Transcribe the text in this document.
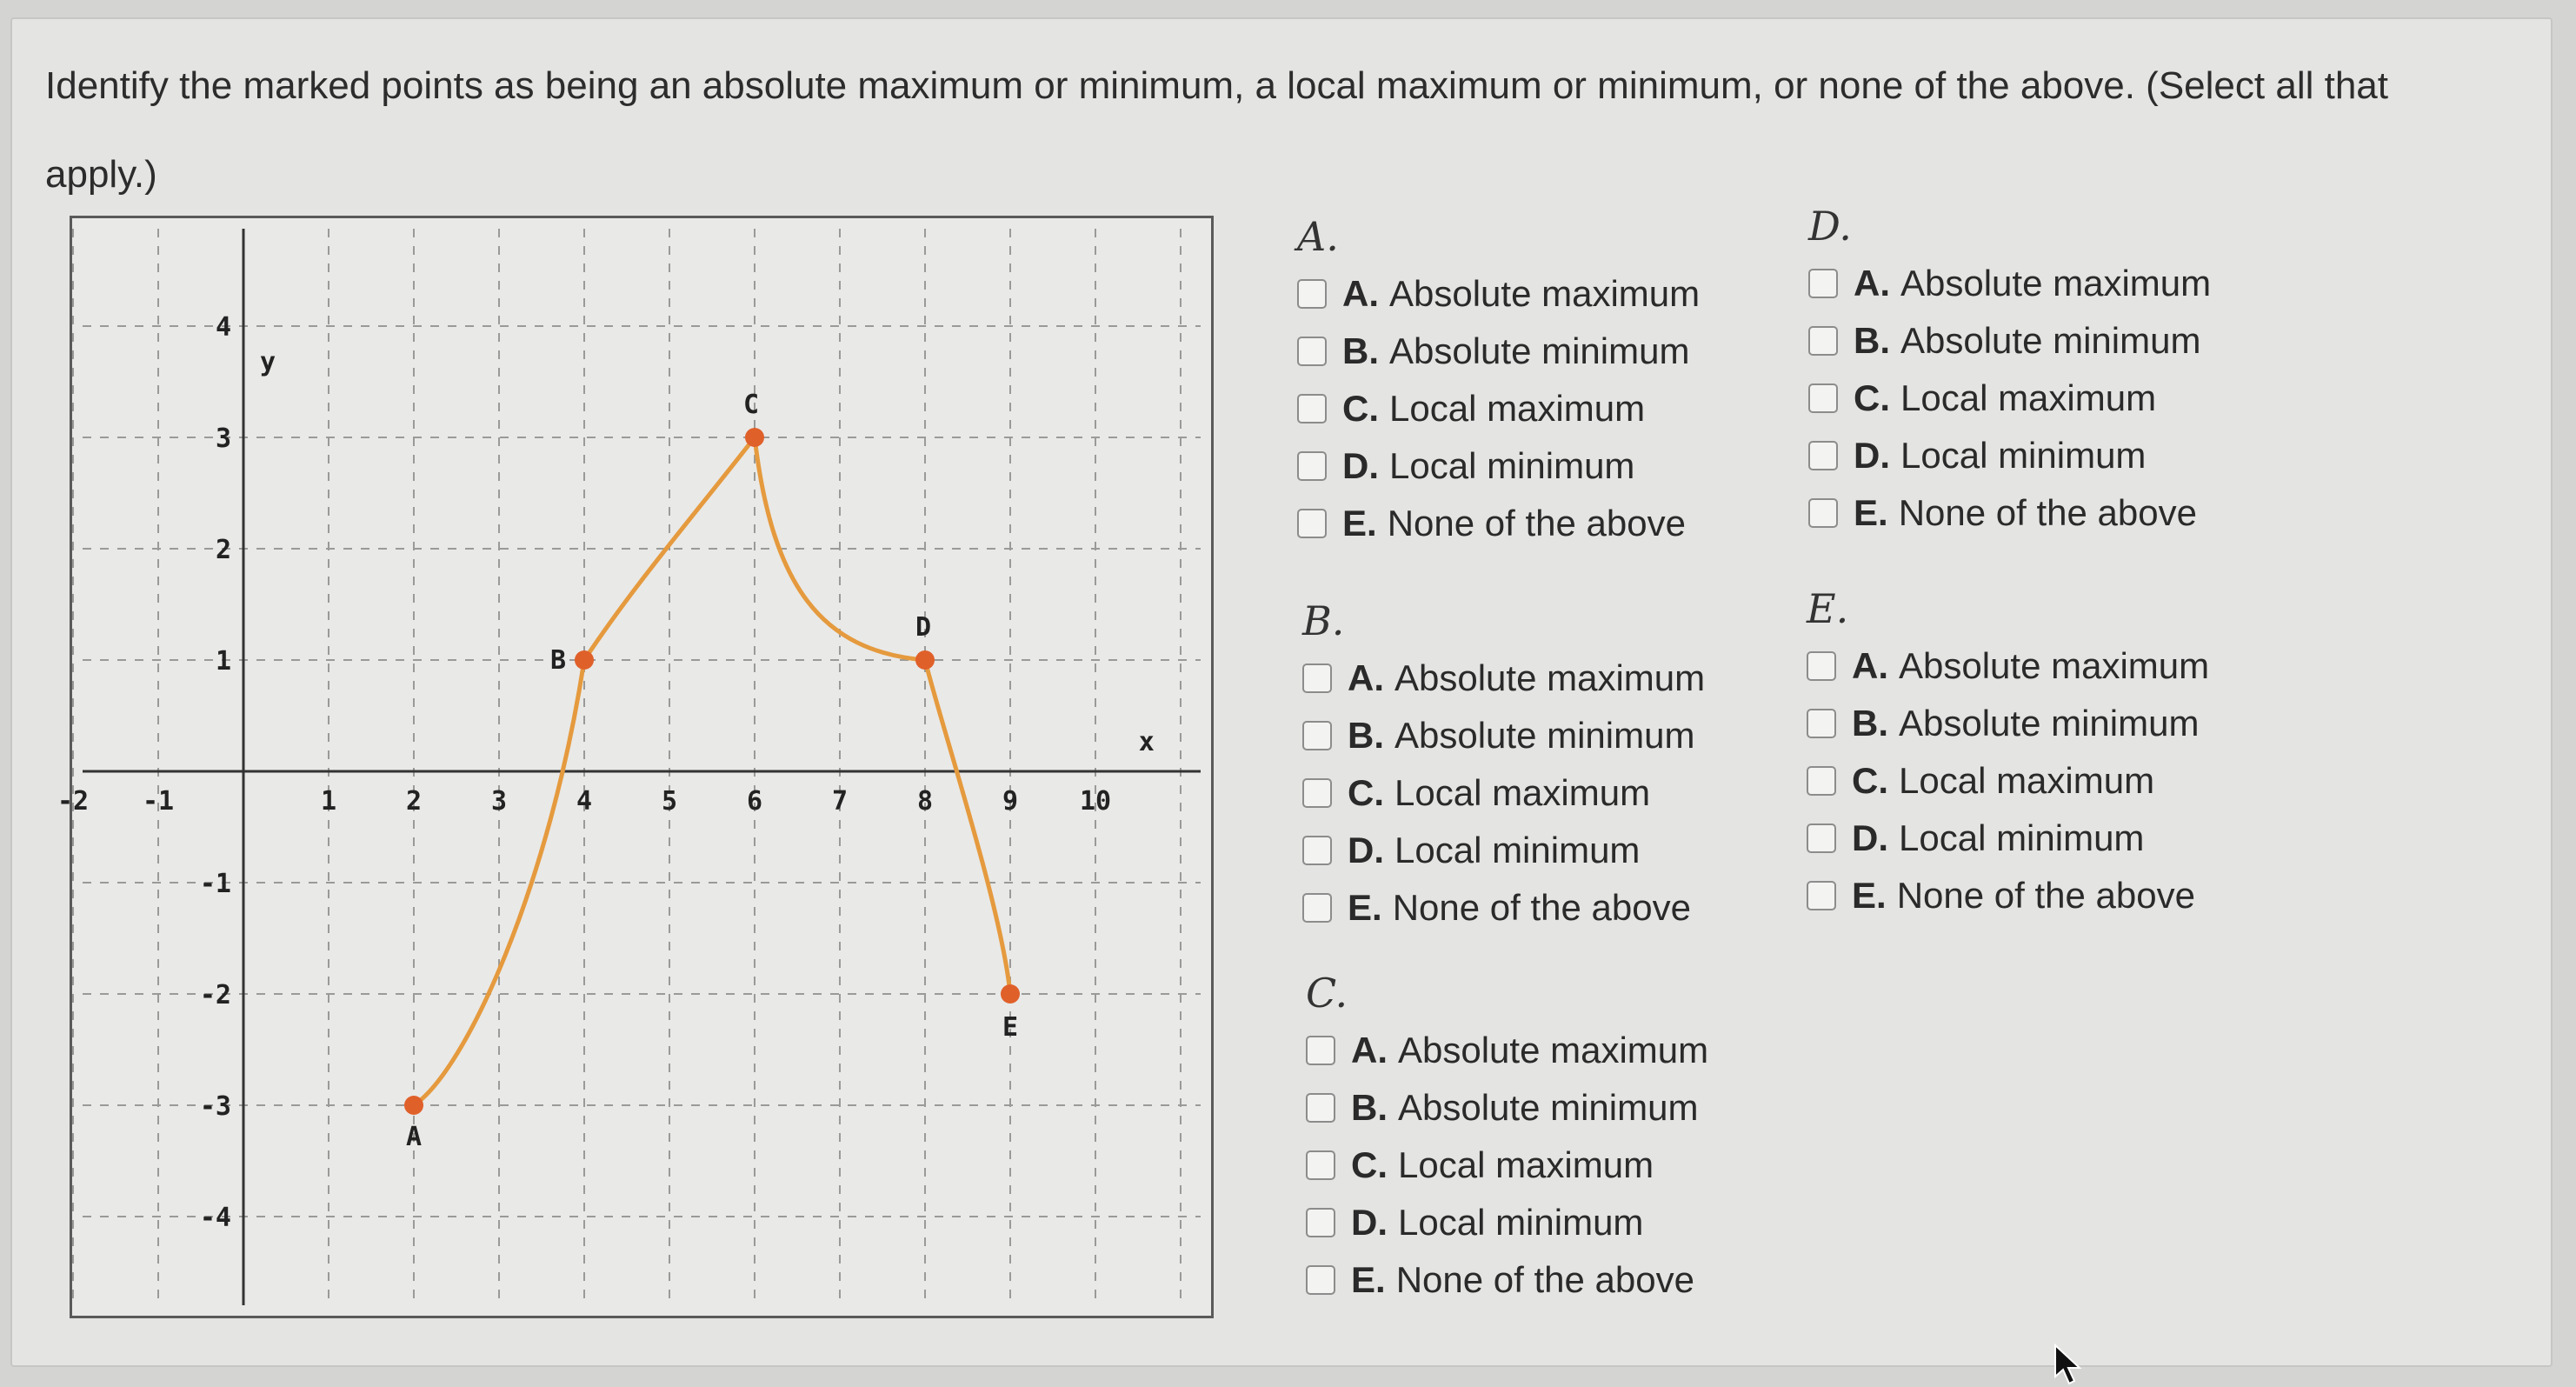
Identify the marked points as being an absolute maximum or minimum, a local maximum or minimum, or none of the above. (Select all that apply.)
-2 -1	1	2	3	4	5	6	7	8	9 10
4
3
2
1
-1
-2
-3
-4
x
y
A
B
C
D
E
A.
A. Absolute maximum
B. Absolute minimum
C. Local maximum
D. Local minimum
E. None of the above
B.
A. Absolute maximum
B. Absolute minimum
C. Local maximum
D. Local minimum
E. None of the above
C.
A. Absolute maximum
B. Absolute minimum
C. Local maximum
D. Local minimum
E. None of the above
D.
A. Absolute maximum
B. Absolute minimum
C. Local maximum
D. Local minimum
E. None of the above
E.
A. Absolute maximum
B. Absolute minimum
C. Local maximum
D. Local minimum
E. None of the above
